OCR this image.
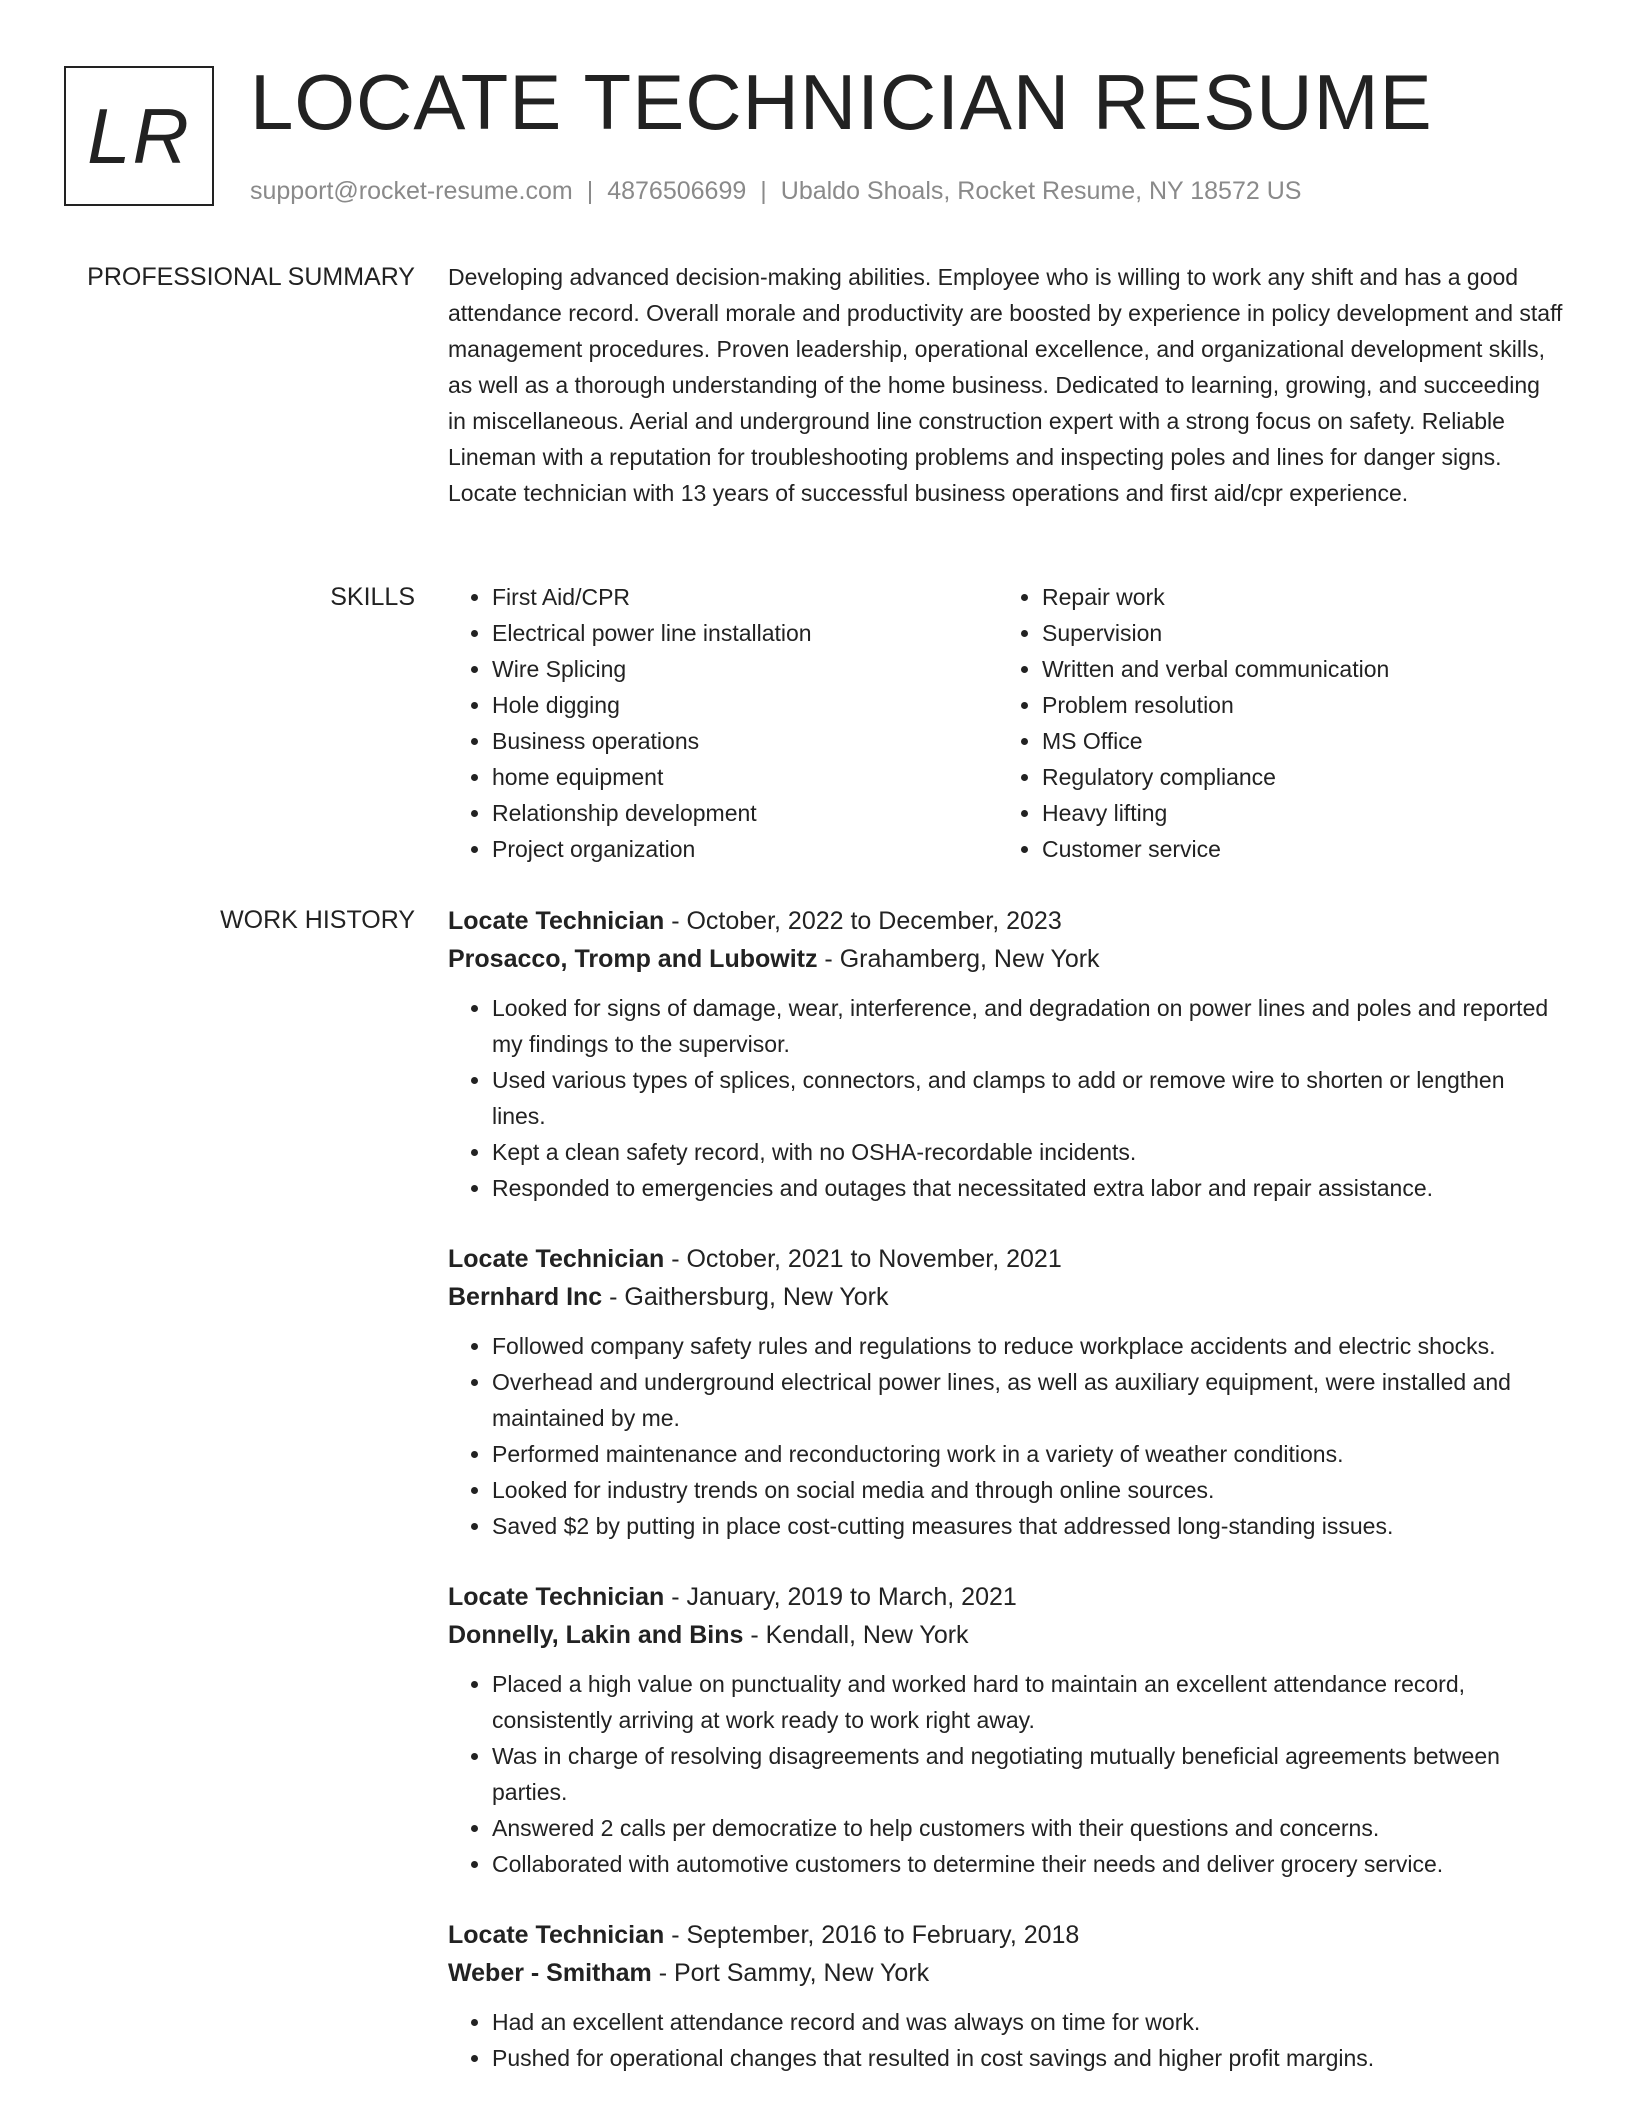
LR LOCATE TECHNICIAN RESUME
support@rocket-resume.com | 4876506699 | Ubaldo Shoals, Rocket Resume, NY 18572 US
PROFESSIONAL SUMMARY Developing advanced decision-making abilities. Employee who is willing to work any shift and has a good attendance record. Overall morale and productivity are boosted by experience in policy development and staff management procedures. Proven leadership, operational excellence, and organizational development skills, as well as a thorough understanding of the home business. Dedicated to learning, growing, and succeeding in miscellaneous. Aerial and underground line construction expert with a strong focus on safety. Reliable Lineman with a reputation for troubleshooting problems and inspecting poles and lines for danger signs. Locate technician with 13 years of successful business operations and first aid/cpr experience.

SKILLS
•	First Aid/CPR
• Electrical power line installation
• Wire Splicing
• Hole digging
• Business operations
• home equipment
• Relationship development
• Project organization
• Repair work
• Supervision
• Written and verbal communication
• Problem resolution
• MS Office
• Regulatory compliance
• Heavy lifting
• Customer service
WORK HISTORY Locate Technician - October, 2022 to December, 2023
Prosacco, Tromp and Lubowitz - Grahamberg, New York
• Looked for signs of damage, wear, interference, and degradation on power lines and poles and reported my findings to the supervisor.
• Used various types of splices, connectors, and clamps to add or remove wire to shorten or lengthen lines.
• Kept a clean safety record, with no OSHA-recordable incidents.
• Responded to emergencies and outages that necessitated extra labor and repair assistance.
Locate Technician - October, 2021 to November, 2021
Bernhard Inc - Gaithersburg, New York
• Followed company safety rules and regulations to reduce workplace accidents and electric shocks.
• Overhead and underground electrical power lines, as well as auxiliary equipment, were installed and maintained by me.
• Performed maintenance and reconductoring work in a variety of weather conditions.
• Looked for industry trends on social media and through online sources.
• Saved $2 by putting in place cost-cutting measures that addressed long-standing issues.
Locate Technician - January, 2019 to March, 2021
Donnelly, Lakin and Bins - Kendall, New York
• Placed a high value on punctuality and worked hard to maintain an excellent attendance record, consistently arriving at work ready to work right away.
• Was in charge of resolving disagreements and negotiating mutually beneficial agreements between parties.
• Answered 2 calls per democratize to help customers with their questions and concerns.
• Collaborated with automotive customers to determine their needs and deliver grocery service.
Locate Technician - September, 2016 to February, 2018
Weber - Smitham - Port Sammy, New York
• Had an excellent attendance record and was always on time for work.
• Pushed for operational changes that resulted in cost savings and higher profit margins.
